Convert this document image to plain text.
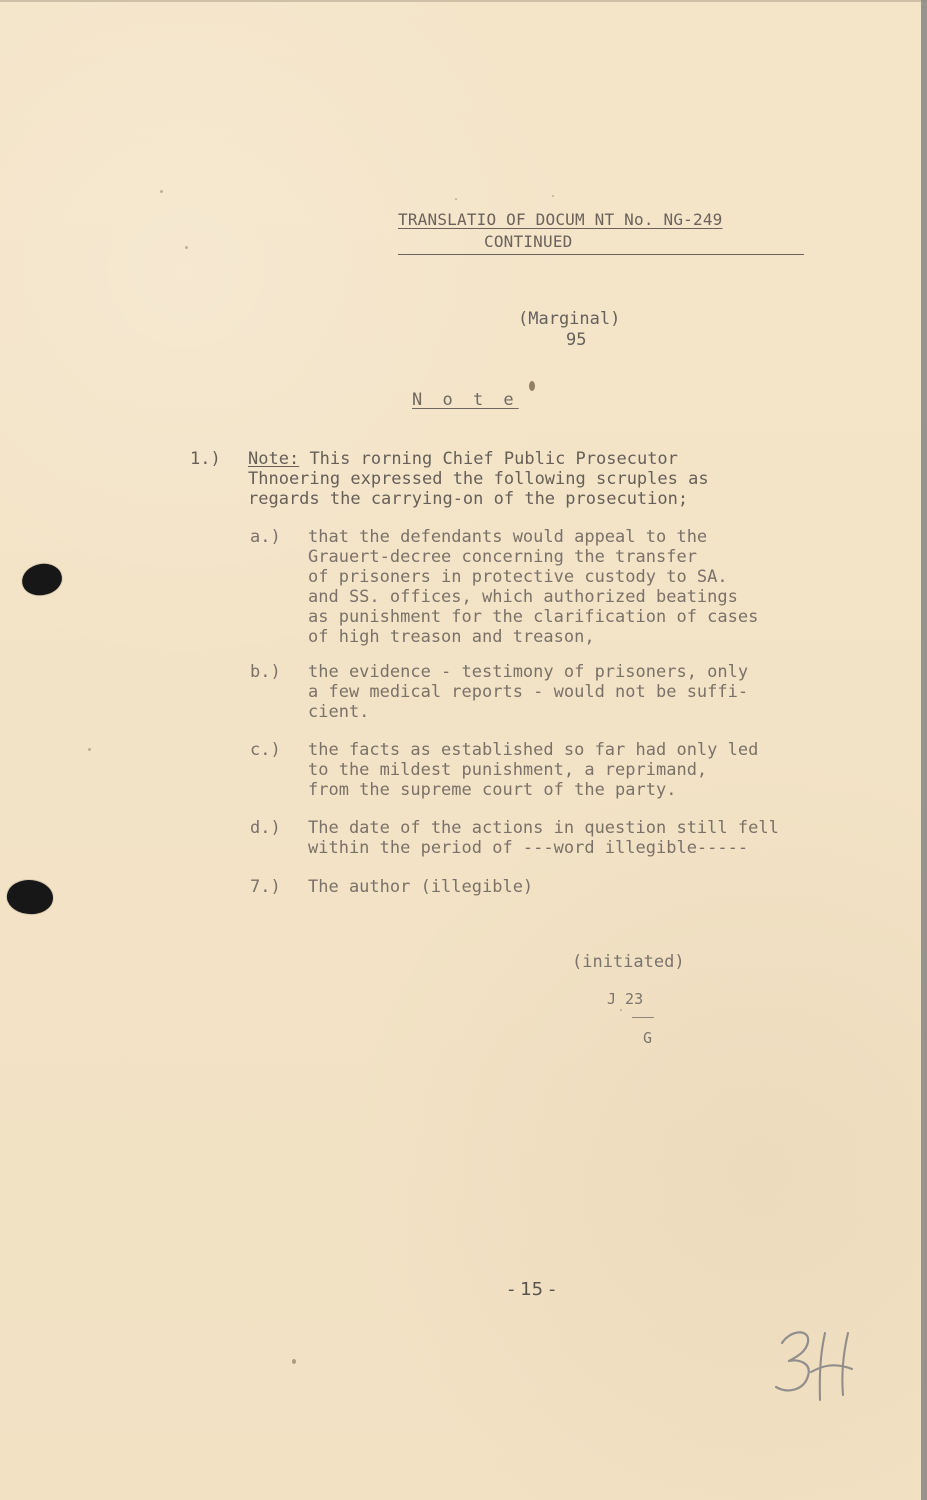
TRANSLATIO OF DOCUM NT No. NG-249
CONTINUED
(Marginal)
95
N o t e
1.) Note: This rorning Chief Public Prosecutor
Thnoering expressed the following scruples as
regards the carrying-on of the prosecution;
a.) that the defendants would appeal to the
Grauert-decree concerning the transfer
of prisoners in protective custody to SA.
and SS. offices, which authorized beatings
as punishment for the clarification of cases
of high treason and treason,
b.) the evidence - testimony of prisoners, only
a few medical reports - would not be suffi-
cient.
c.) the facts as established so far had only led
to the mildest punishment, a reprimand,
from the supreme court of the party.
d.) The date of the actions in question still fell
within the period of ---word illegible-----
7.) The author (illegible)
(initiated)
J 23
G
- 15 -
